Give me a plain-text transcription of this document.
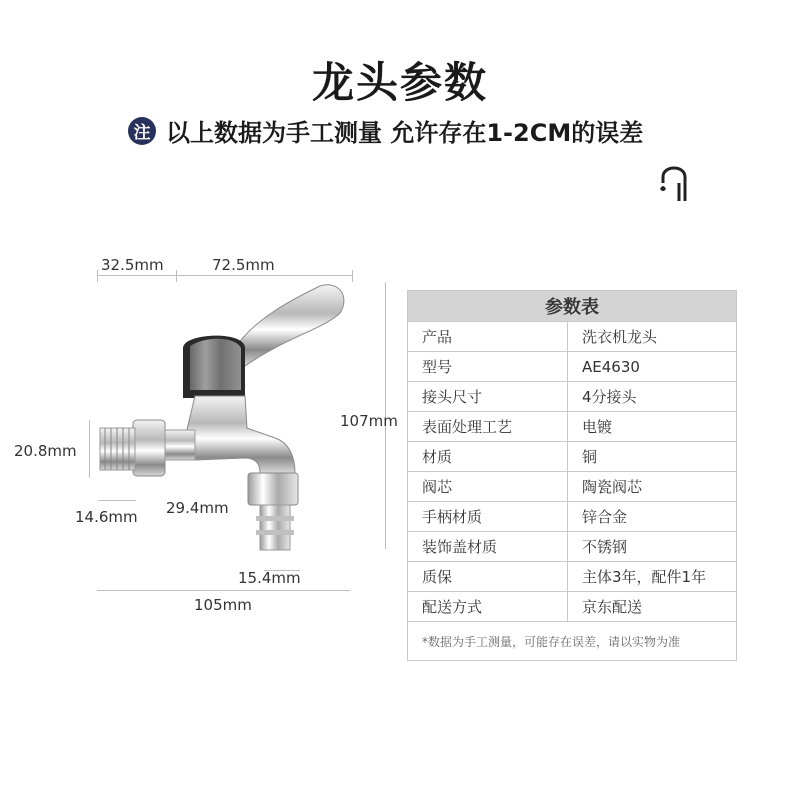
龙头参数
注 以上数据为手工测量 允许存在1-2CM的误差
32.5mm	72.5mm
107mm
20.8mm
14.6mm 29.4mm
15.4mm
105mm
参数表	
产品	洗衣机龙头
型号	AE4630
接头尺寸	4分接头
表面处理工艺	电镀
材质	铜
阀芯	陶瓷阀芯
手柄材质	锌合金
装饰盖材质	不锈钢
质保	主体3年，配件1年
配送方式	京东配送
*数据为手工测量，可能存在误差，请以实物为准	
